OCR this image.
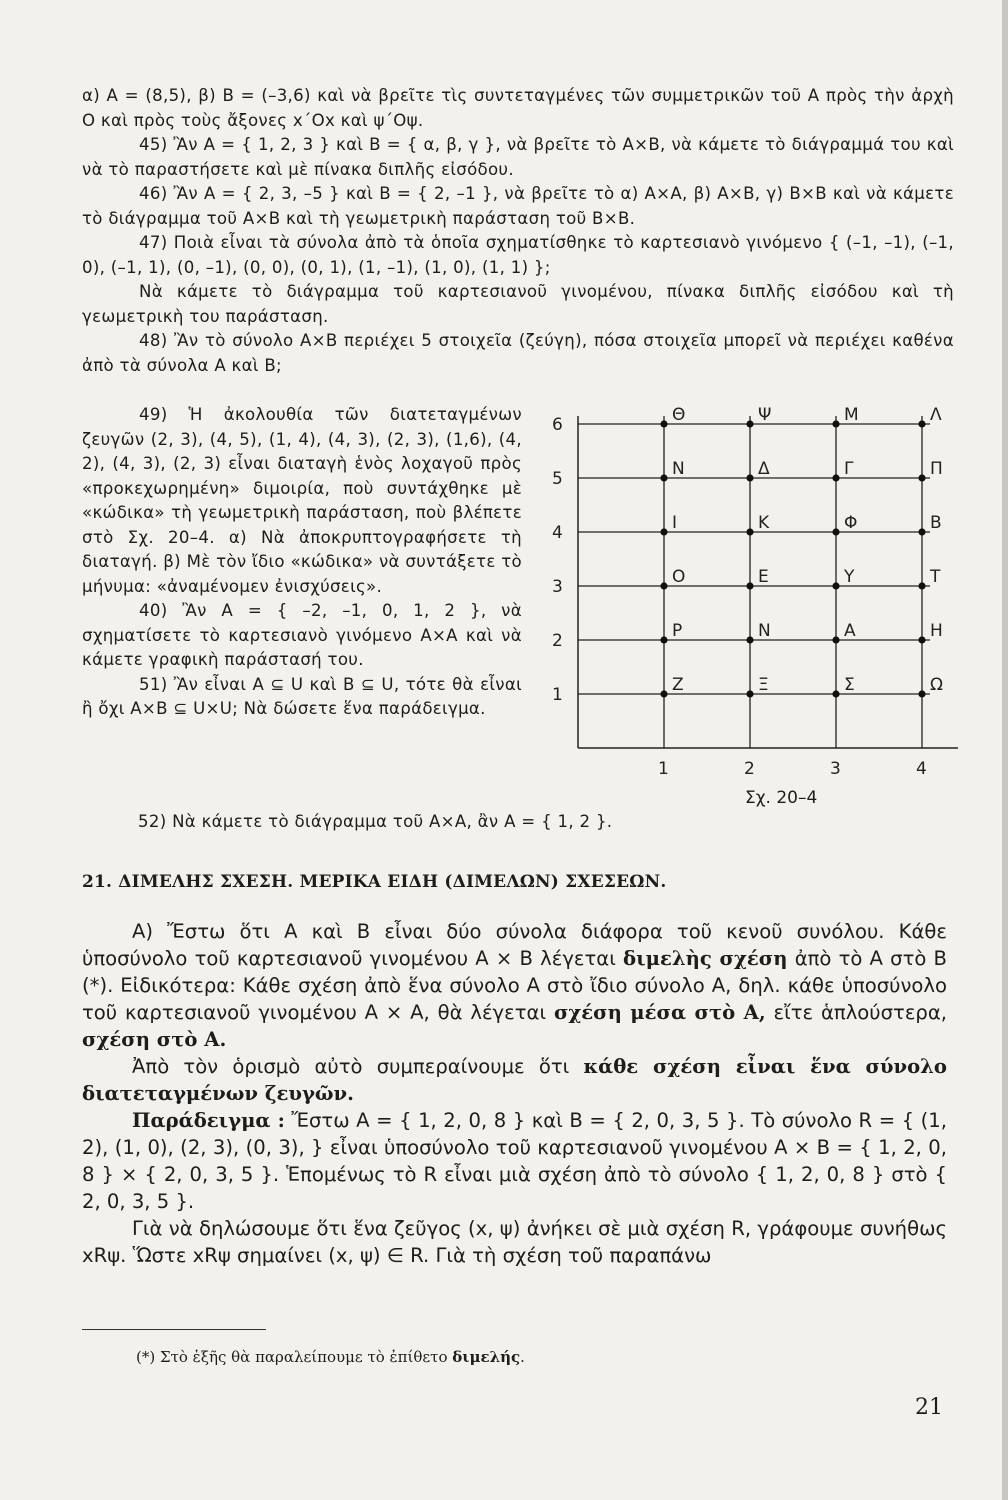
α) Α = (8,5), β) Β = (–3,6) καὶ νὰ βρεῖτε τὶς συντεταγμένες τῶν συμμετρικῶν τοῦ Α πρὸς τὴν ἀρχὴ Ο καὶ πρὸς τοὺς ἄξονες x΄Οx καὶ ψ΄Οψ.

45) Ἂν Α = { 1, 2, 3 } καὶ Β = { α, β, γ }, νὰ βρεῖτε τὸ Α×Β, νὰ κάμετε τὸ διάγραμμά του καὶ νὰ τὸ παραστήσετε καὶ μὲ πίνακα διπλῆς εἰσόδου.

46) Ἂν Α = { 2, 3, –5 } καὶ Β = { 2, –1 }, νὰ βρεῖτε τὸ α) Α×Α, β) Α×Β, γ) Β×Β καὶ νὰ κάμετε τὸ διάγραμμα τοῦ Α×Β καὶ τὴ γεωμετρικὴ παράσταση τοῦ Β×Β.

47) Ποιὰ εἶναι τὰ σύνολα ἀπὸ τὰ ὁποῖα σχηματίσθηκε τὸ καρτεσιανὸ γινόμενο { (–1, –1), (–1, 0), (–1, 1), (0, –1), (0, 0), (0, 1), (1, –1), (1, 0), (1, 1) };

Νὰ κάμετε τὸ διάγραμμα τοῦ καρτεσιανοῦ γινομένου, πίνακα διπλῆς εἰσόδου καὶ τὴ γεωμετρικὴ του παράσταση.

48) Ἂν τὸ σύνολο Α×Β περιέχει 5 στοιχεῖα (ζεύγη), πόσα στοιχεῖα μπορεῖ νὰ περιέχει καθένα ἀπὸ τὰ σύνολα Α καὶ Β;

49) Ἡ ἀκολουθία τῶν διατεταγμένων ζευγῶν (2, 3), (4, 5), (1, 4), (4, 3), (2, 3), (1,6), (4, 2), (4, 3), (2, 3) εἶναι διαταγὴ ἑνὸς λοχαγοῦ πρὸς «προκεχωρημένη» διμοιρία, ποὺ συντάχθηκε μὲ «κώδικα» τὴ γεωμετρικὴ παράσταση, ποὺ βλέπετε στὸ Σχ. 20–4. α) Νὰ ἀποκρυπτογραφήσετε τὴ διαταγή. β) Μὲ τὸν ἴδιο «κώδικα» νὰ συντάξετε τὸ μήνυμα: «ἀναμένομεν ἐνισχύσεις».

40) Ἂν Α = { –2, –1, 0, 1, 2 }, νὰ σχηματίσετε τὸ καρτεσιανὸ γινόμενο Α×Α καὶ νὰ κάμετε γραφικὴ παράστασή του.

51) Ἂν εἶναι Α ⊆ U καὶ Β ⊆ U, τότε θὰ εἶναι ἢ ὄχι Α×Β ⊆ U×U; Νὰ δώσετε ἕνα παράδειγμα.

1
2
3
4
5
6
1	2	3	4
Θ	Ψ	Μ	Λ
Ν	Δ	Γ	Π
Ι	Κ	Φ	Β
Ο	Ε	Υ	Τ
Ρ	Ν	Α	Η
Ζ	Ξ	Σ	Ω
Σχ. 20–4
52) Νὰ κάμετε τὸ διάγραμμα τοῦ Α×Α, ἂν Α = { 1, 2 }.
21. ΔΙΜΕΛΗΣ ΣΧΕΣΗ. ΜΕΡΙΚΑ ΕΙΔΗ (ΔΙΜΕΛΩΝ) ΣΧΕΣΕΩΝ.

Α) Ἔστω ὅτι Α καὶ Β εἶναι δύο σύνολα διάφορα τοῦ κενοῦ συνόλου. Κάθε ὑποσύνολο τοῦ καρτεσιανοῦ γινομένου Α × Β λέγεται διμελὴς σχέση ἀπὸ τὸ Α στὸ Β (*). Εἰδικότερα: Κάθε σχέση ἀπὸ ἕνα σύνολο Α στὸ ἴδιο σύνολο Α, δηλ. κάθε ὑποσύνολο τοῦ καρτεσιανοῦ γινομένου Α × Α, θὰ λέγεται σχέση μέσα στὸ Α, εἴτε ἁπλούστερα, σχέση στὸ Α.

Ἀπὸ τὸν ὁρισμὸ αὐτὸ συμπεραίνουμε ὅτι κάθε σχέση εἶναι ἕνα σύνολο διατεταγμένων ζευγῶν.

Παράδειγμα : Ἔστω Α = { 1, 2, 0, 8 } καὶ Β = { 2, 0, 3, 5 }. Τὸ σύνολο R = { (1, 2), (1, 0), (2, 3), (0, 3), } εἶναι ὑποσύνολο τοῦ καρτεσιανοῦ γινομένου Α × Β = { 1, 2, 0, 8 } × { 2, 0, 3, 5 }. Ἑπομένως τὸ R εἶναι μιὰ σχέση ἀπὸ τὸ σύνολο { 1, 2, 0, 8 } στὸ { 2, 0, 3, 5 }.

Γιὰ νὰ δηλώσουμε ὅτι ἕνα ζεῦγος (x, ψ) ἀνήκει σὲ μιὰ σχέση R, γράφουμε συνήθως xRψ. Ὥστε xRψ σημαίνει (x, ψ) ∈ R. Γιὰ τὴ σχέση τοῦ παραπάνω

(*) Στὸ ἑξῆς θὰ παραλείπουμε τὸ ἐπίθετο διμελής.
21
